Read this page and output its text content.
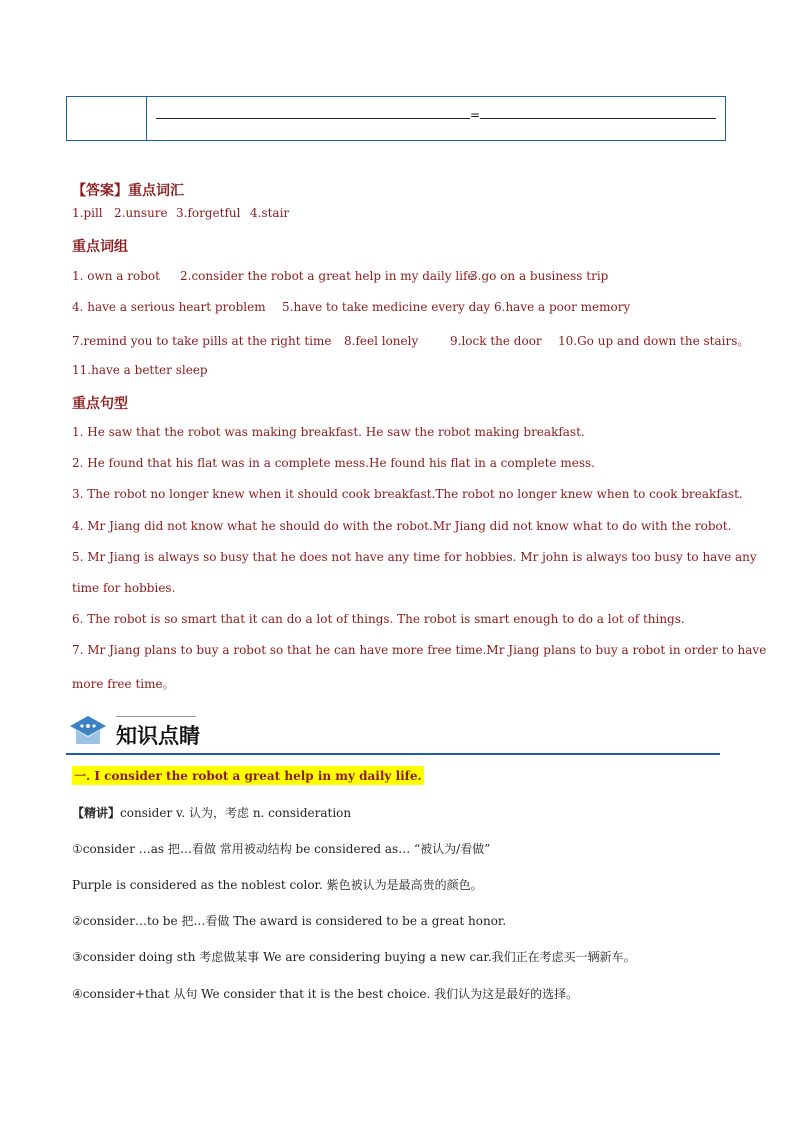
=
【答案】重点词汇
1.pill 2.unsure 3.forgetful 4.stair
重点词组
1. own a robot 2.consider the robot a great help in my daily life3.go on a business trip
4. have a serious heart problem 5.have to take medicine every day 6.have a poor memory
7.remind you to take pills at the right time 8.feel lonely	9.lock the door 10.Go up and down the stairs。
11.have a better sleep
重点句型
1. He saw that the robot was making breakfast. He saw the robot making breakfast.
2. He found that his flat was in a complete mess.He found his flat in a complete mess.
3. The robot no longer knew when it should cook breakfast.The robot no longer knew when to cook breakfast.
4. Mr Jiang did not know what he should do with the robot.Mr Jiang did not know what to do with the robot.
5. Mr Jiang is always so busy that he does not have any time for hobbies. Mr john is always too busy to have any
time for hobbies.
6. The robot is so smart that it can do a lot of things. The robot is smart enough to do a lot of things.
7. Mr Jiang plans to buy a robot so that he can have more free time.Mr Jiang plans to buy a robot in order to have
more free time。
知识点睛
一. I consider the robot a great help in my daily life.
【精讲】consider v. 认为，考虑 n. consideration
①consider …as 把…看做 常用被动结构 be considered as… “被认为/看做”
Purple is considered as the noblest color. 紫色被认为是最高贵的颜色。
②consider…to be 把…看做 The award is considered to be a great honor.
③consider doing sth 考虑做某事 We are considering buying a new car.我们正在考虑买一辆新车。
④consider+that 从句 We consider that it is the best choice. 我们认为这是最好的选择。
